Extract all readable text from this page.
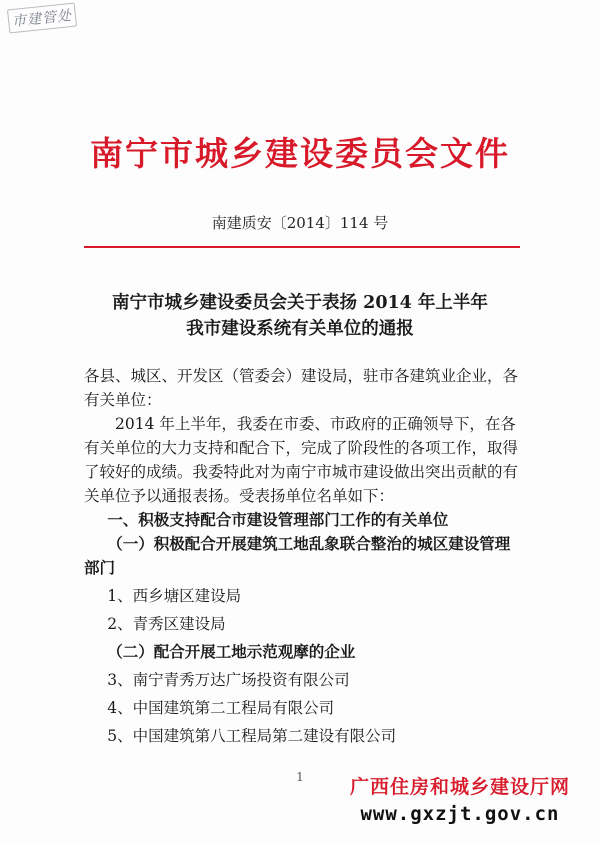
市建管处
南宁市城乡建设委员会文件
南建质安〔2014〕114 号
南宁市城乡建设委员会关于表扬 2014 年上半年
我市建设系统有关单位的通报

各县、城区、开发区（管委会）建设局，驻市各建筑业企业，各有关单位：

2014 年上半年，我委在市委、市政府的正确领导下，在各有关单位的大力支持和配合下，完成了阶段性的各项工作，取得了较好的成绩。我委特此对为南宁市城市建设做出突出贡献的有关单位予以通报表扬。受表扬单位名单如下：

一、积极支持配合市建设管理部门工作的有关单位

（一）积极配合开展建筑工地乱象联合整治的城区建设管理部门

1、西乡塘区建设局

2、青秀区建设局

（二）配合开展工地示范观摩的企业

3、南宁青秀万达广场投资有限公司

4、中国建筑第二工程局有限公司

5、中国建筑第八工程局第二建设有限公司

1	广西住房和城乡建设厅网
www.gxzjt.gov.cn
